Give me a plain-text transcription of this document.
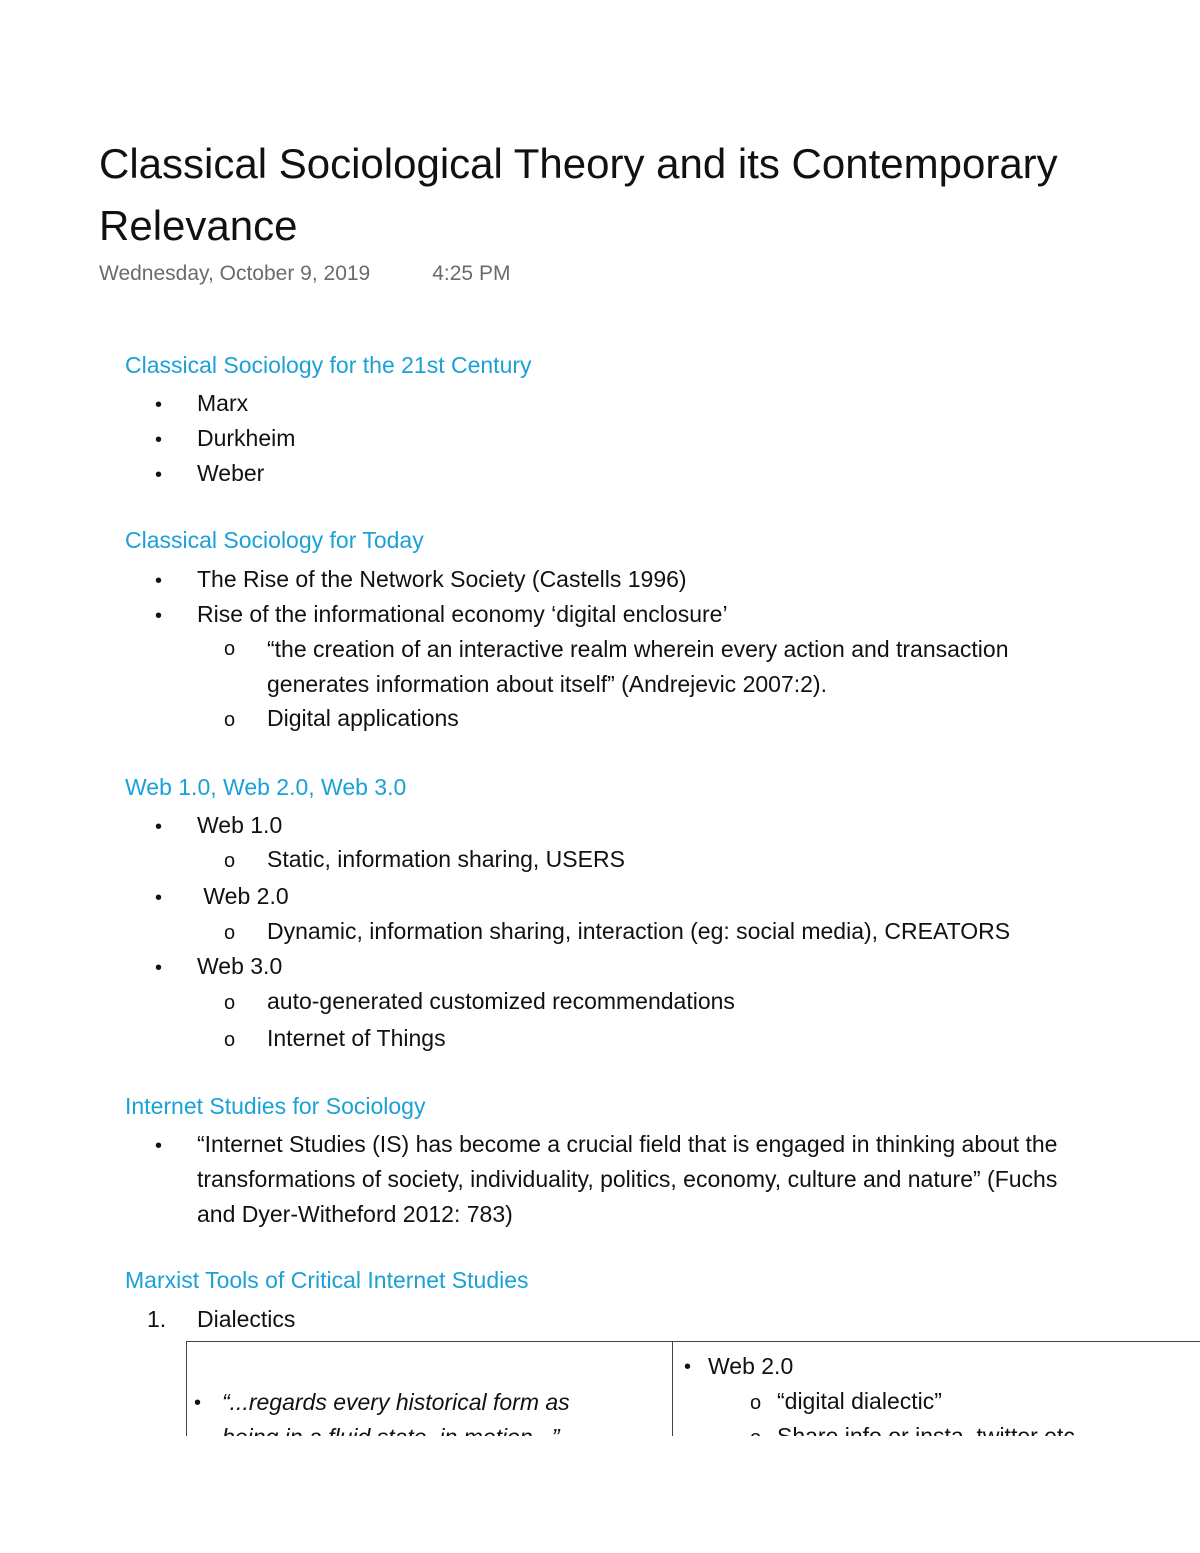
Classical Sociological Theory and its Contemporary
Relevance
Wednesday, October 9, 2019	4:25 PM
Classical Sociology for the 21st Century
• Marx
• Durkheim
• Weber
Classical Sociology for Today
• The Rise of the Network Society (Castells 1996)
• Rise of the informational economy ‘digital enclosure’
o “the creation of an interactive realm wherein every action and transaction
generates information about itself” (Andrejevic 2007:2).
o Digital applications
Web 1.0, Web 2.0, Web 3.0
• Web 1.0
o Static, information sharing, USERS
• Web 2.0
o Dynamic, information sharing, interaction (eg: social media), CREATORS
• Web 3.0
o auto-generated customized recommendations
o Internet of Things
Internet Studies for Sociology
• “Internet Studies (IS) has become a crucial field that is engaged in thinking about the
transformations of society, individuality, politics, economy, culture and nature” (Fuchs
and Dyer-Witheford 2012: 783)
Marxist Tools of Critical Internet Studies
1. Dialectics
• “...regards every historical form as
• Web 2.0
o “digital dialectic”
